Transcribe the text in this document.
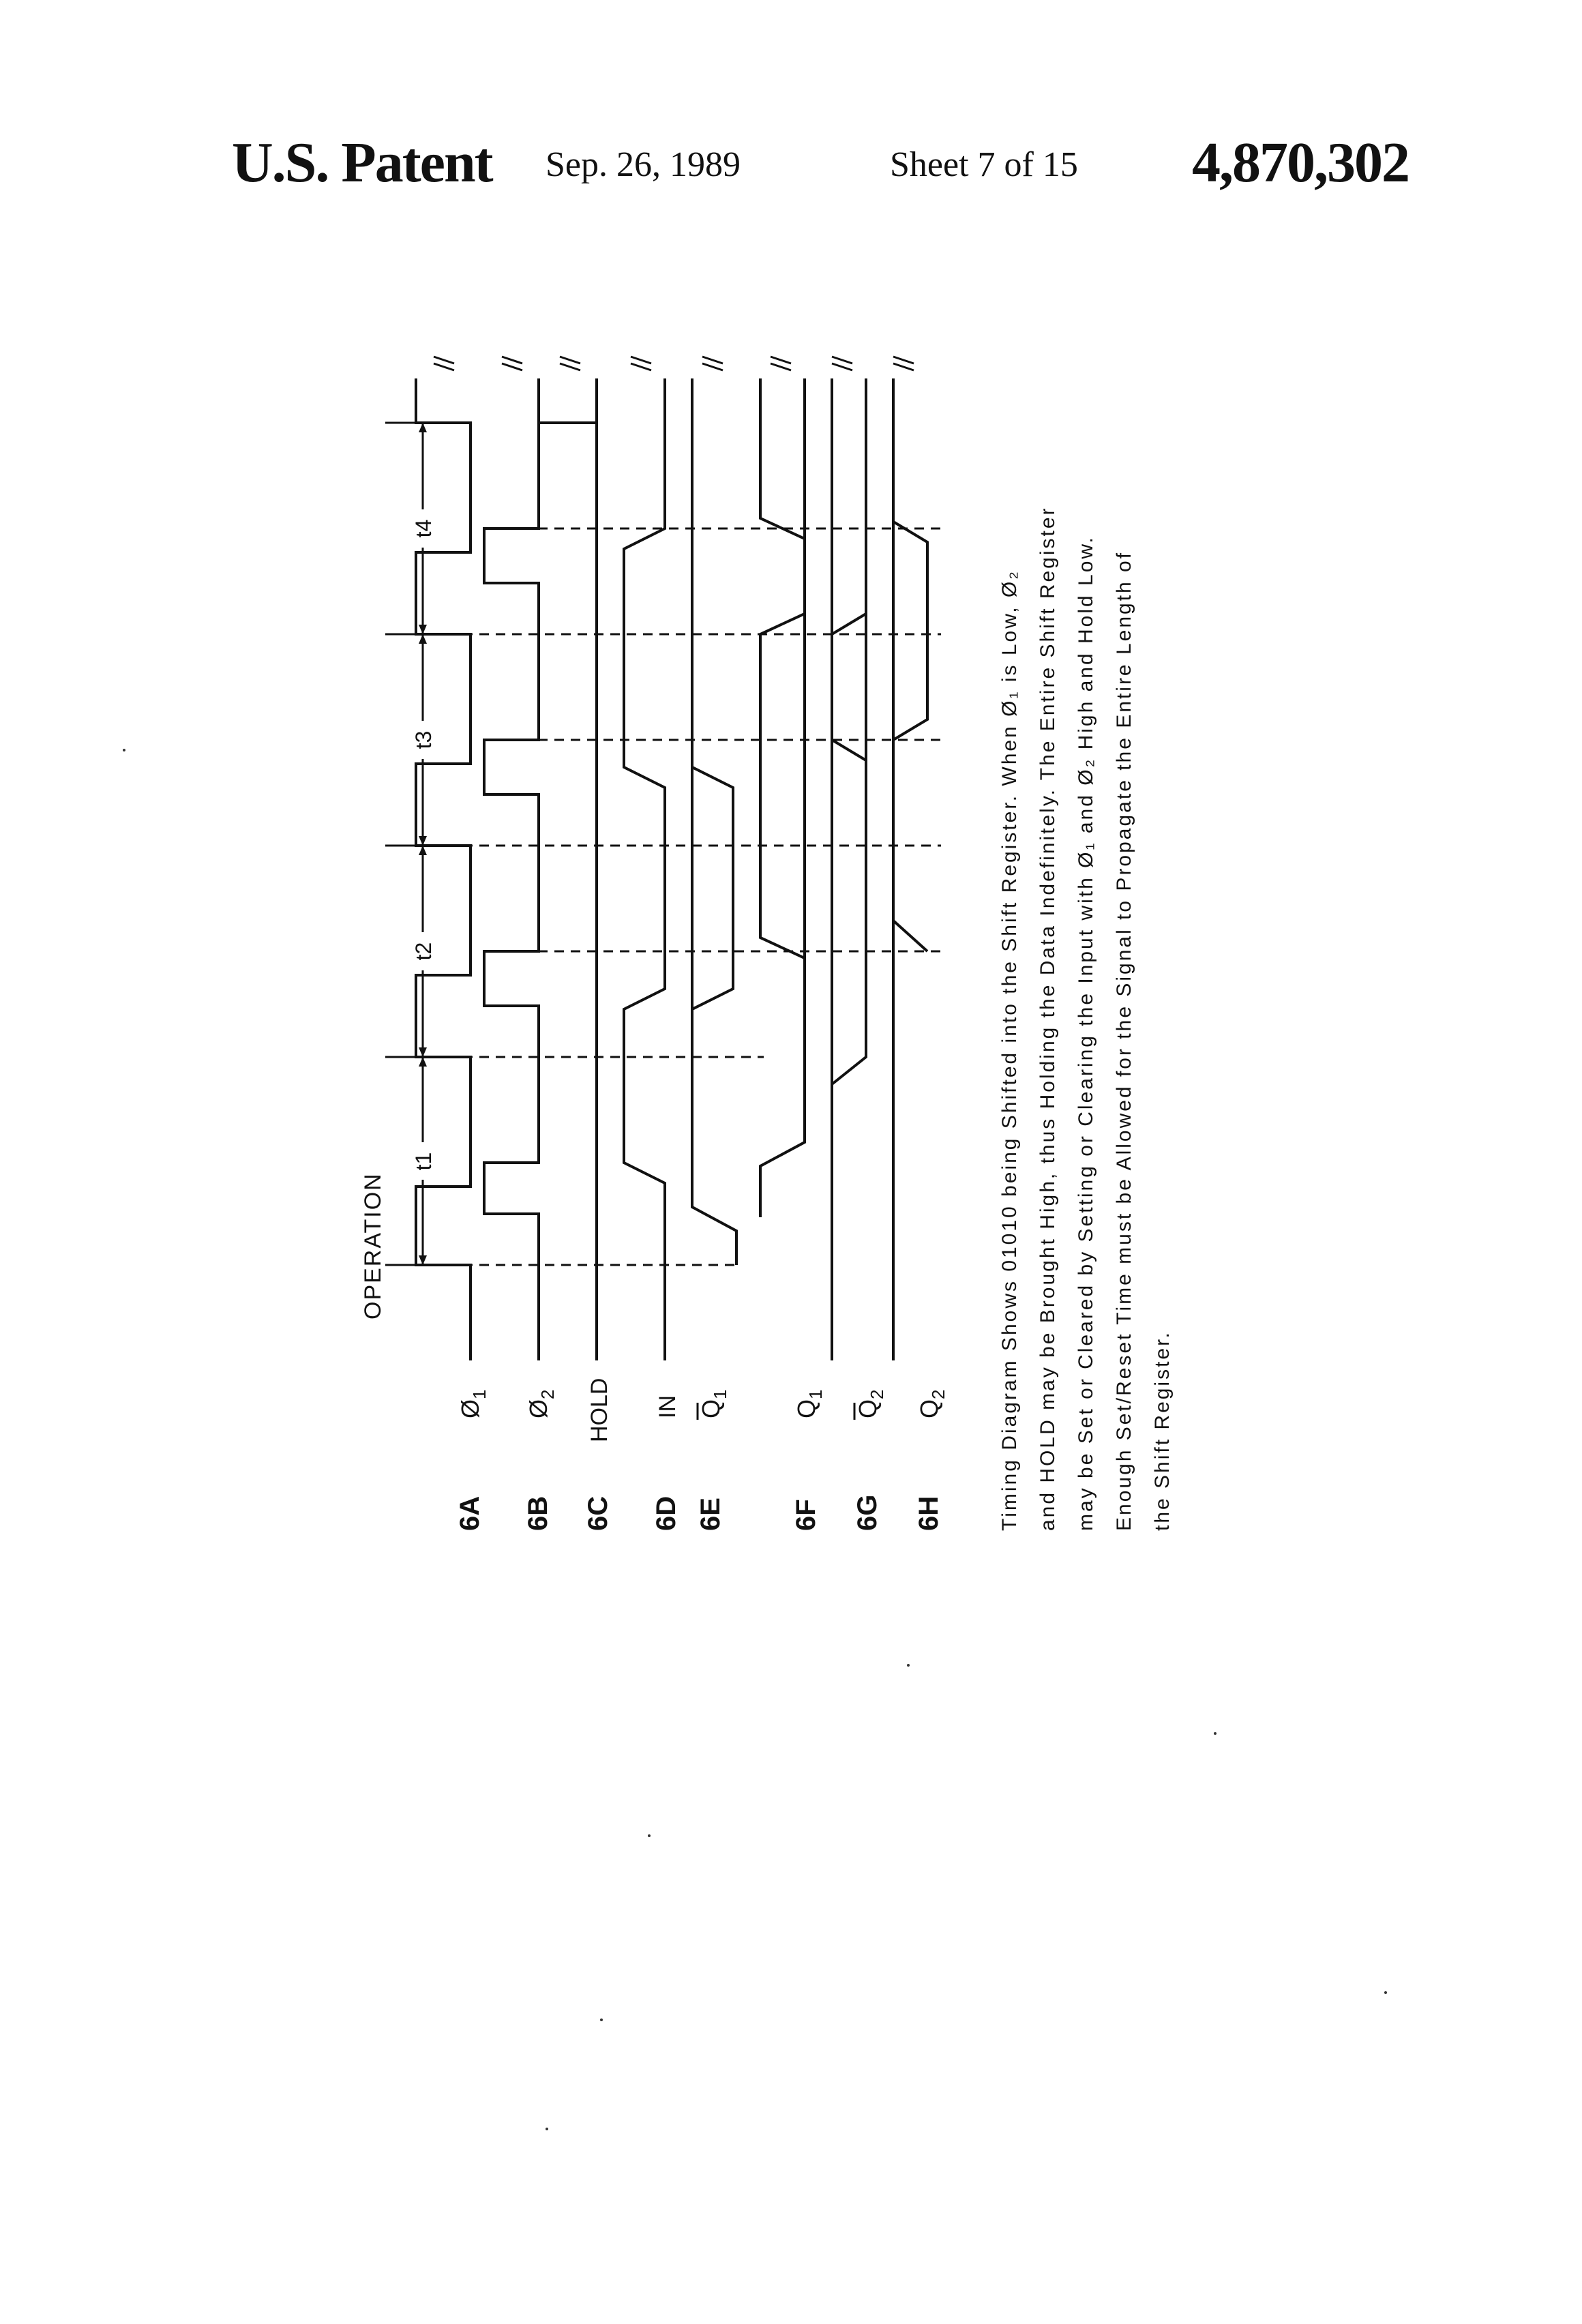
U.S. Patent Sep. 26, 1989	Sheet 7 of 15 4,870,302
OPERATION
t1
t2
t3
t4
6A 6B 6C 6D 6E 6F 6G 6H
$Ø_1$
$Ø_2$ HOLD IN $Q_1$
$Q_1$
$Q_2$
$Q_2$ Timing Diagram Shows 01010 being Shifted into the Shift Register. When Ø₁ is Low, Ø₂ and HOLD may be Brought High, thus Holding the Data Indefinitely. The Entire Shift Register may be Set or Cleared by Setting or Clearing the Input with Ø₁ and Ø₂ High and Hold Low. Enough Set/Reset Time must be Allowed for the Signal to Propagate the Entire Length of the Shift Register.
